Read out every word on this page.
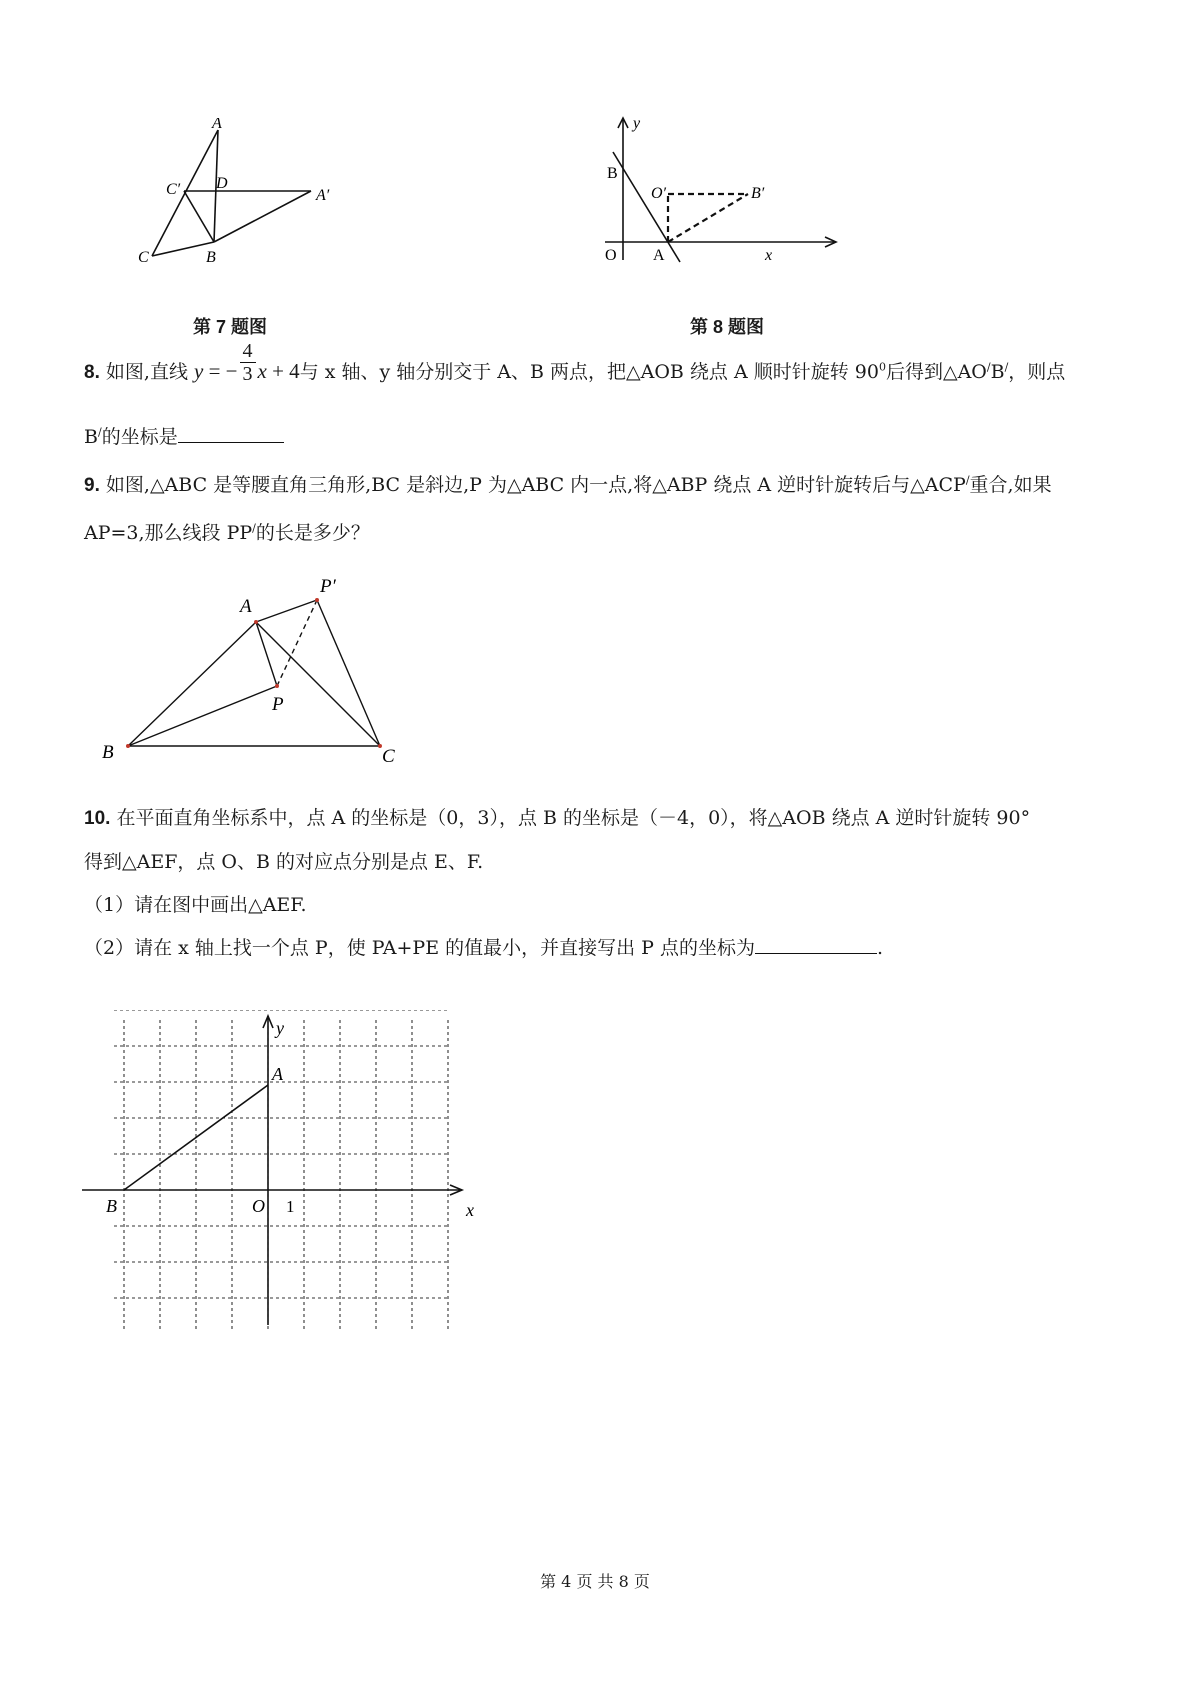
A
C′ D
A′
C	B
第 7 题图
y
B
O′	B′
O A	x
第 8 题图
8. 如图,直线 y = − $\frac{4}{3}$ x + 4与 x 轴、y 轴分别交于 A、B 两点，把△AOB 绕点 A 顺时针旋转 $90^0$后得到△AO/B/，则点
B/的坐标是
9. 如图,△ABC 是等腰直角三角形,BC 是斜边,P 为△ABC 内一点,将△ABP 绕点 A 逆时针旋转后与△ACP/重合,如果
AP=3,那么线段 PP/的长是多少？
A
P′
P
B	C
10. 在平面直角坐标系中，点 A 的坐标是（0，3），点 B 的坐标是（－4，0），将△AOB 绕点 A 逆时针旋转 90°
得到△AEF，点 O、B 的对应点分别是点 E、F.
（1）请在图中画出△AEF.
（2）请在 x 轴上找一个点 P，使 PA+PE 的值最小，并直接写出 P 点的坐标为	.
y
A
B	O 1	x
第 4 页 共 8 页
